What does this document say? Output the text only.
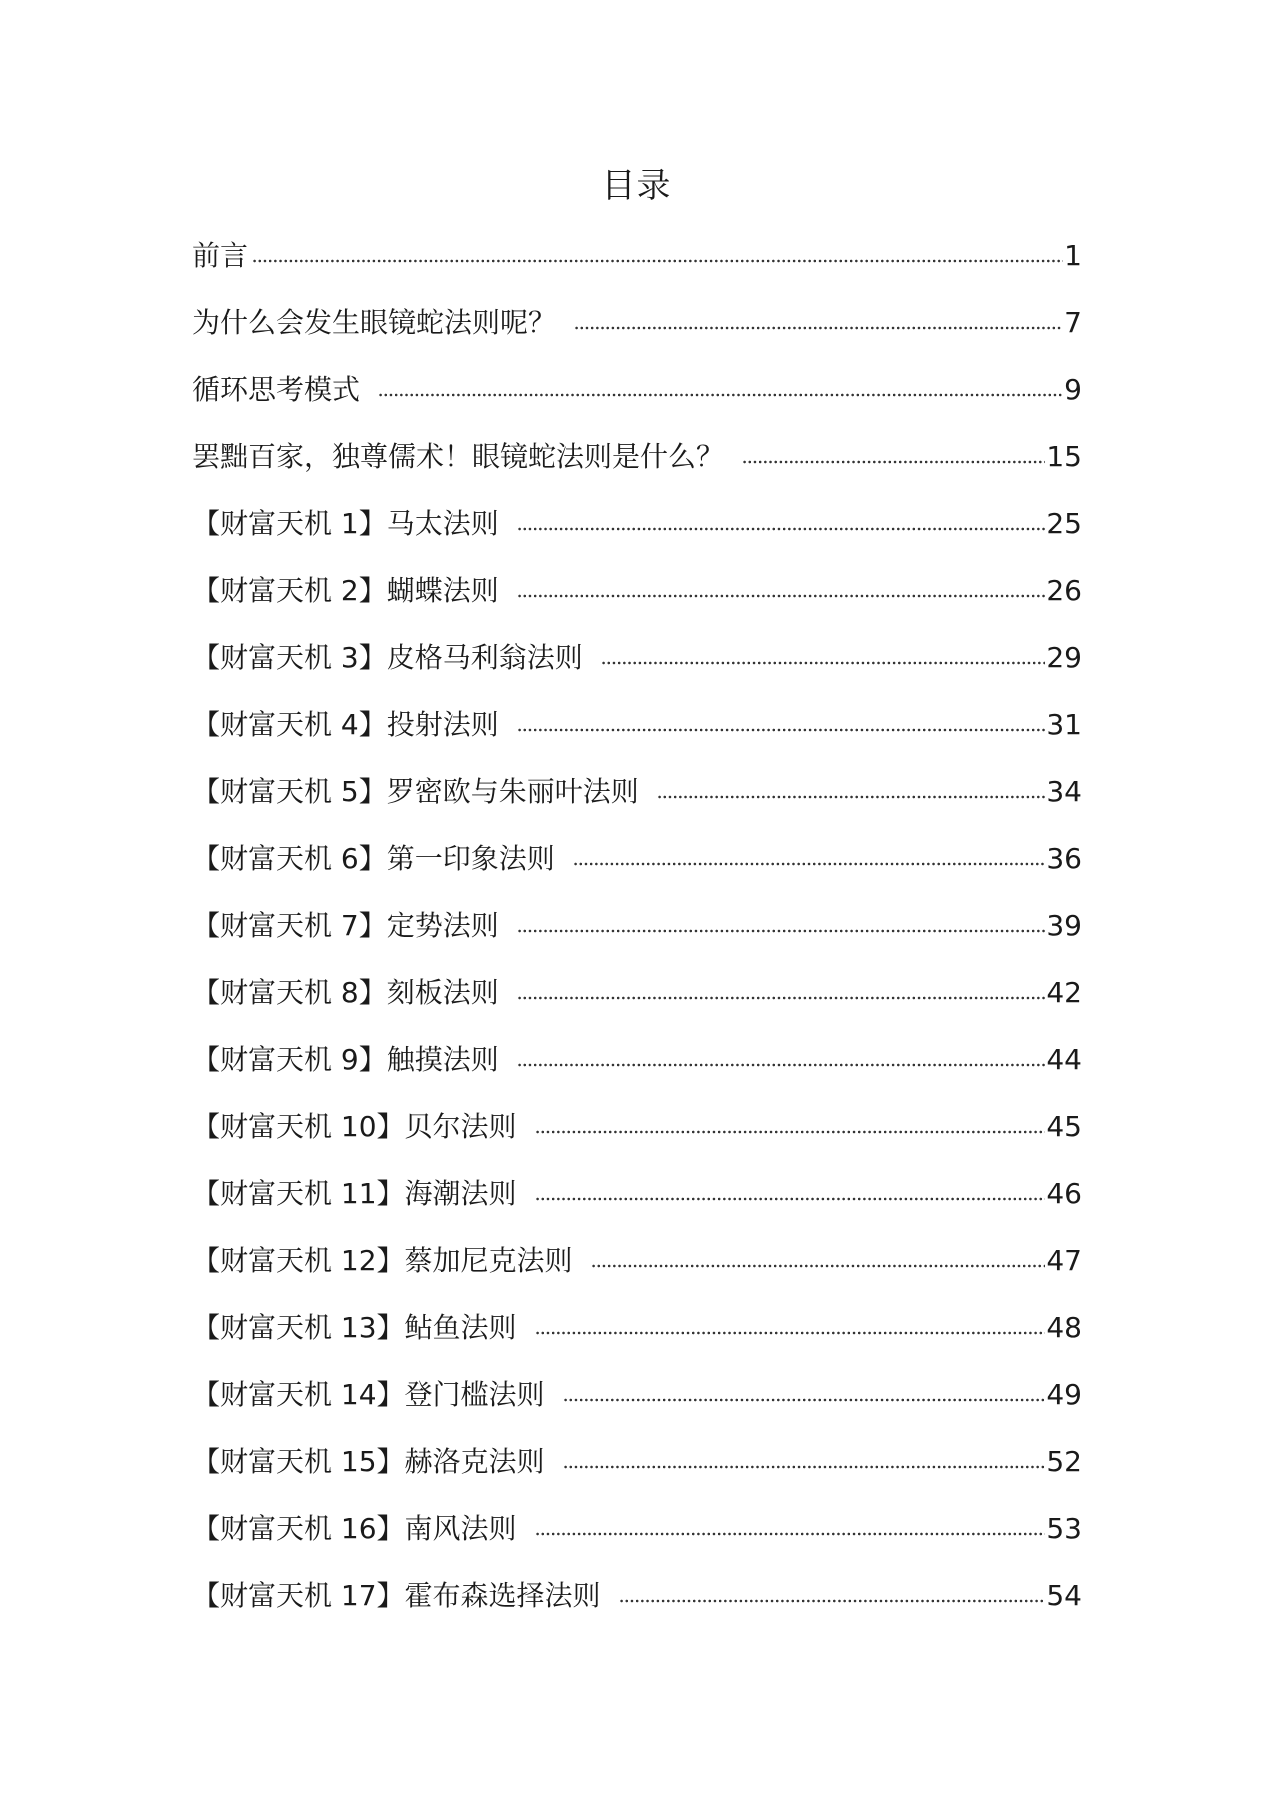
目录
前言	1
为什么会发生眼镜蛇法则呢？	7
循环思考模式	9
罢黜百家，独尊儒术！眼镜蛇法则是什么？	15
【财富天机 1】马太法则	25
【财富天机 2】蝴蝶法则	26
【财富天机 3】皮格马利翁法则	29
【财富天机 4】投射法则	31
【财富天机 5】罗密欧与朱丽叶法则	34
【财富天机 6】第一印象法则	36
【财富天机 7】定势法则	39
【财富天机 8】刻板法则	42
【财富天机 9】触摸法则	44
【财富天机 10】贝尔法则	45
【财富天机 11】海潮法则	46
【财富天机 12】蔡加尼克法则	47
【财富天机 13】鲇鱼法则	48
【财富天机 14】登门槛法则	49
【财富天机 15】赫洛克法则	52
【财富天机 16】南风法则	53
【财富天机 17】霍布森选择法则	54
